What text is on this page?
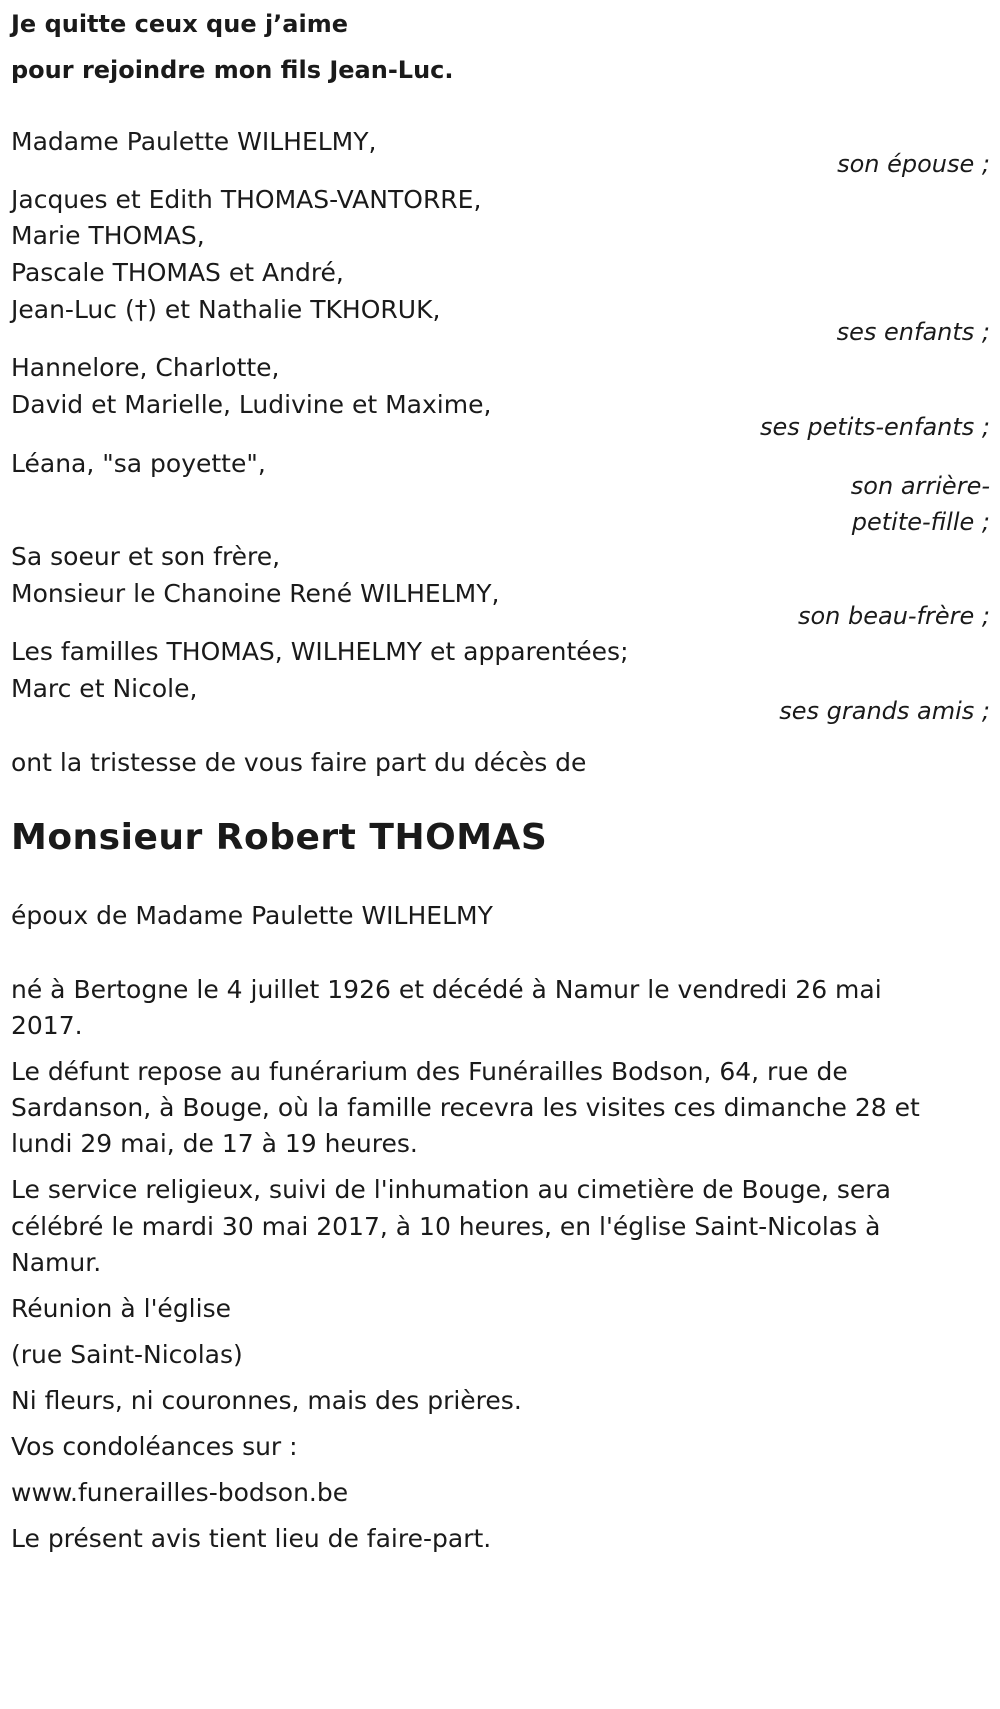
Je quitte ceux que j’aime
pour rejoindre mon fils Jean-Luc.
Madame Paulette WILHELMY,
son épouse ;
Jacques et Edith THOMAS-VANTORRE,
Marie THOMAS,
Pascale THOMAS et André,
Jean-Luc (†) et Nathalie TKHORUK,
ses enfants ;
Hannelore, Charlotte,
David et Marielle, Ludivine et Maxime,
ses petits-enfants ;
Léana, "sa poyette",
son arrière-
petite-fille ;
Sa soeur et son frère,
Monsieur le Chanoine René WILHELMY,
son beau-frère ;
Les familles THOMAS, WILHELMY et apparentées;
Marc et Nicole,
ses grands amis ;
ont la tristesse de vous faire part du décès de
Monsieur Robert THOMAS
époux de Madame Paulette WILHELMY
né à Bertogne le 4 juillet 1926 et décédé à Namur le vendredi 26 mai
2017.
Le défunt repose au funérarium des Funérailles Bodson, 64, rue de
Sardanson, à Bouge, où la famille recevra les visites ces dimanche 28 et
lundi 29 mai, de 17 à 19 heures.
Le service religieux, suivi de l'inhumation au cimetière de Bouge, sera
célébré le mardi 30 mai 2017, à 10 heures, en l'église Saint-Nicolas à
Namur.
Réunion à l'église
(rue Saint-Nicolas)
Ni fleurs, ni couronnes, mais des prières.
Vos condoléances sur :
www.funerailles-bodson.be
Le présent avis tient lieu de faire-part.
